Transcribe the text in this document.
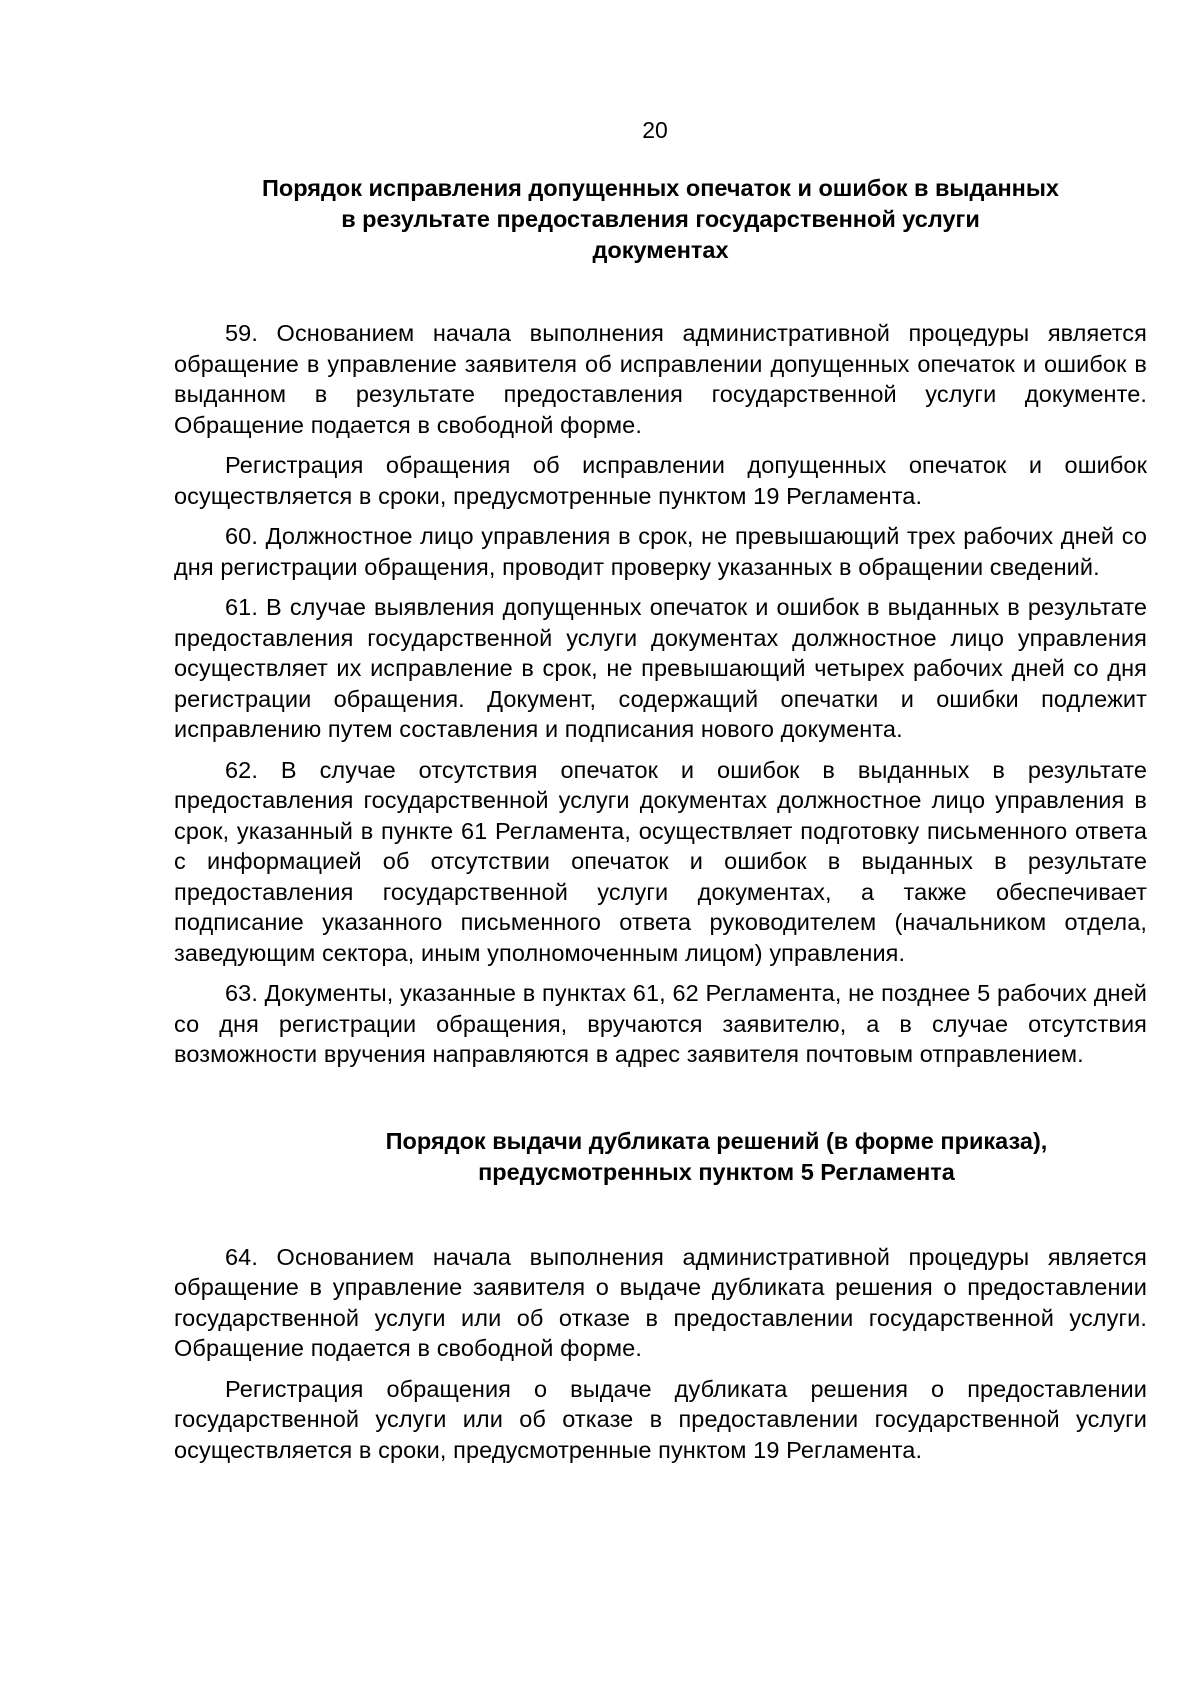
20
Порядок исправления допущенных опечаток и ошибок в выданных
в результате предоставления государственной услуги
документах

59. Основанием начала выполнения административной процедуры является обращение в управление заявителя об исправлении допущенных опечаток и ошибок в выданном в результате предоставления государственной услуги документе. Обращение подается в свободной форме.

Регистрация обращения об исправлении допущенных опечаток и ошибок осуществляется в сроки, предусмотренные пунктом 19 Регламента.

60. Должностное лицо управления в срок, не превышающий трех рабочих дней со дня регистрации обращения, проводит проверку указанных в обращении сведений.

61. В случае выявления допущенных опечаток и ошибок в выданных в результате предоставления государственной услуги документах должностное лицо управления осуществляет их исправление в срок, не превышающий четырех рабочих дней со дня регистрации обращения. Документ, содержащий опечатки и ошибки подлежит исправлению путем составления и подписания нового документа.

62. В случае отсутствия опечаток и ошибок в выданных в результате предоставления государственной услуги документах должностное лицо управления в срок, указанный в пункте 61 Регламента, осуществляет подготовку письменного ответа с информацией об отсутствии опечаток и ошибок в выданных в результате предоставления государственной услуги документах, а также обеспечивает подписание указанного письменного ответа руководителем (начальником отдела, заведующим сектора, иным уполномоченным лицом) управления.

63. Документы, указанные в пунктах 61, 62 Регламента, не позднее 5 рабочих дней со дня регистрации обращения, вручаются заявителю, а в случае отсутствия возможности вручения направляются в адрес заявителя почтовым отправлением.

Порядок выдачи дубликата решений (в форме приказа),
предусмотренных пунктом 5 Регламента

64. Основанием начала выполнения административной процедуры является обращение в управление заявителя о выдаче дубликата решения о предоставлении государственной услуги или об отказе в предоставлении государственной услуги. Обращение подается в свободной форме.

Регистрация обращения о выдаче дубликата решения о предоставлении государственной услуги или об отказе в предоставлении государственной услуги осуществляется в сроки, предусмотренные пунктом 19 Регламента.
